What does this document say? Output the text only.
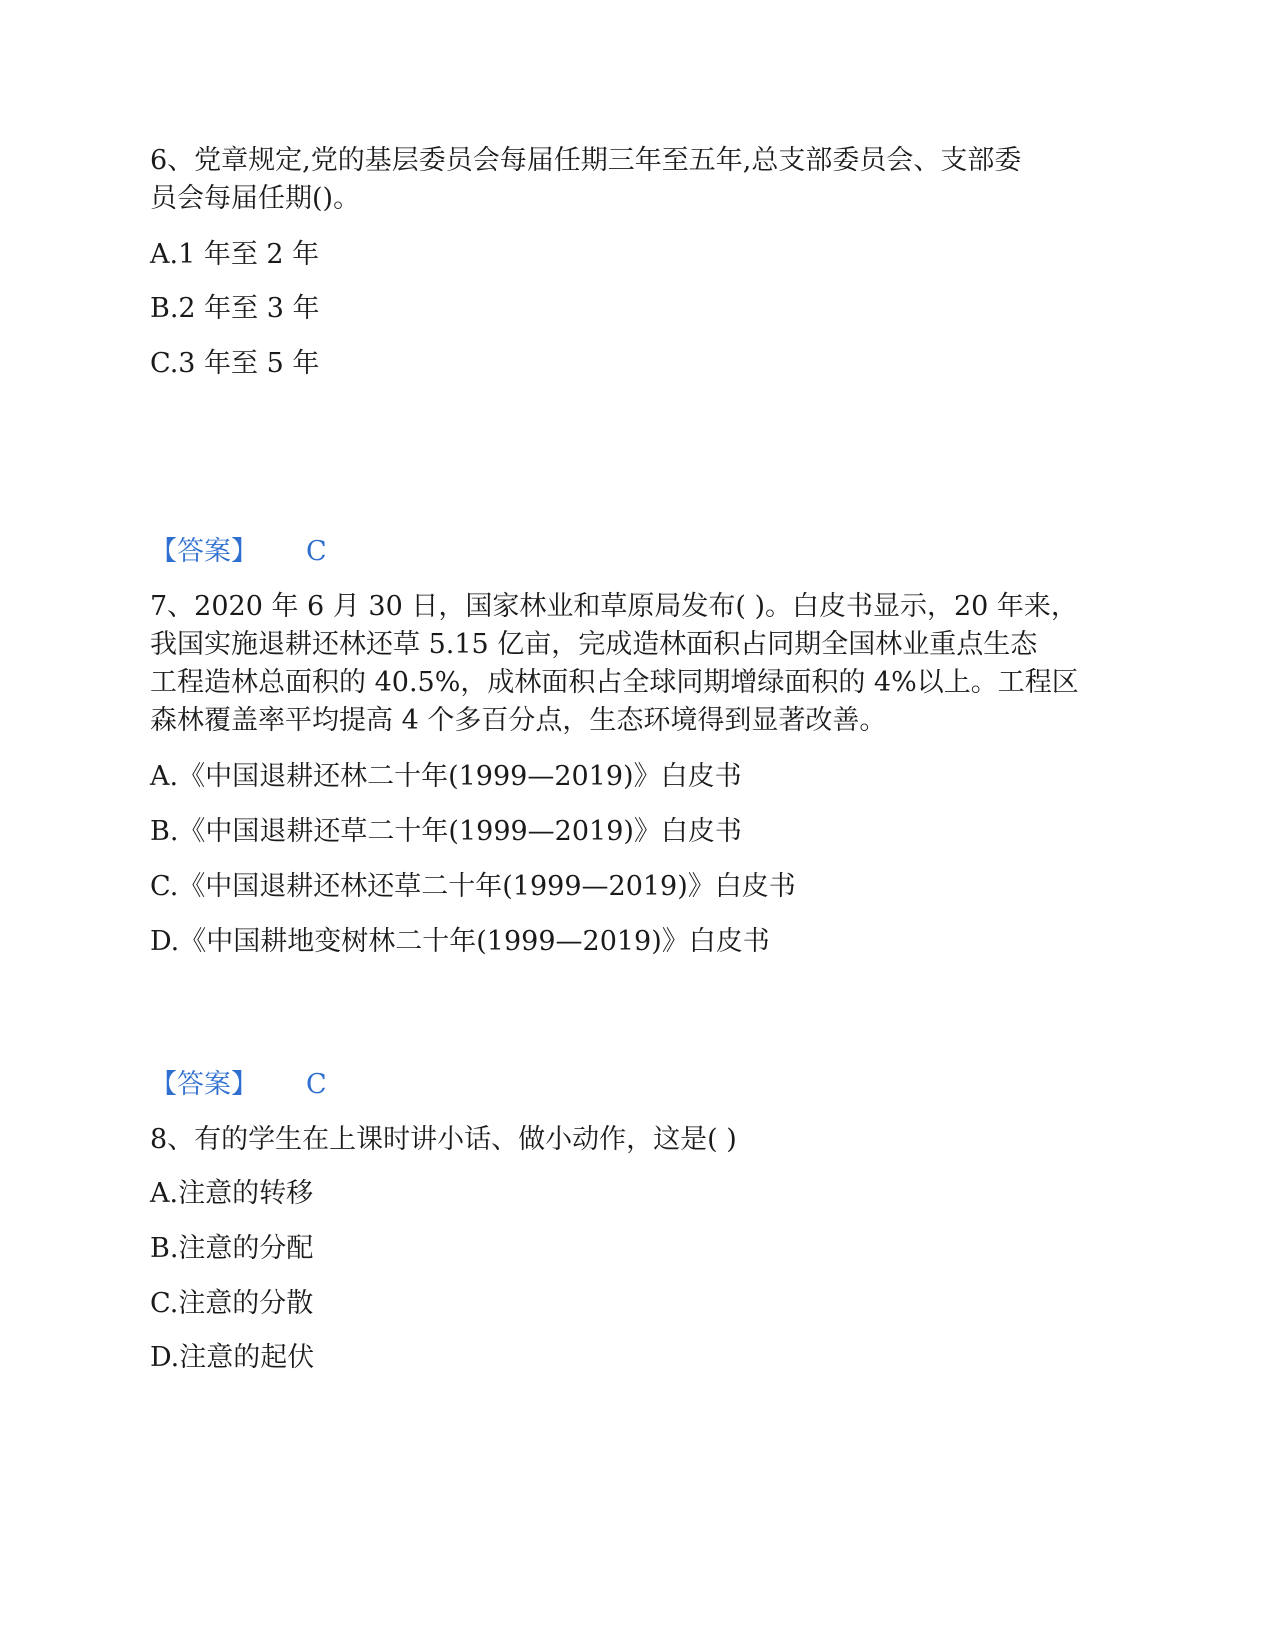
6、党章规定,党的基层委员会每届任期三年至五年,总支部委员会、支部委
员会每届任期()。
A.1 年至 2 年
B.2 年至 3 年
C.3 年至 5 年
【答案】 C
7、2020 年 6 月 30 日，国家林业和草原局发布( )。白皮书显示，20 年来，
我国实施退耕还林还草 5.15 亿亩，完成造林面积占同期全国林业重点生态
工程造林总面积的 40.5%，成林面积占全球同期增绿面积的 4%以上。工程区
森林覆盖率平均提高 4 个多百分点，生态环境得到显著改善。
A.《中国退耕还林二十年(1999—2019)》白皮书
B.《中国退耕还草二十年(1999—2019)》白皮书
C.《中国退耕还林还草二十年(1999—2019)》白皮书
D.《中国耕地变树林二十年(1999—2019)》白皮书
【答案】 C
8、有的学生在上课时讲小话、做小动作，这是( )
A.注意的转移
B.注意的分配
C.注意的分散
D.注意的起伏
